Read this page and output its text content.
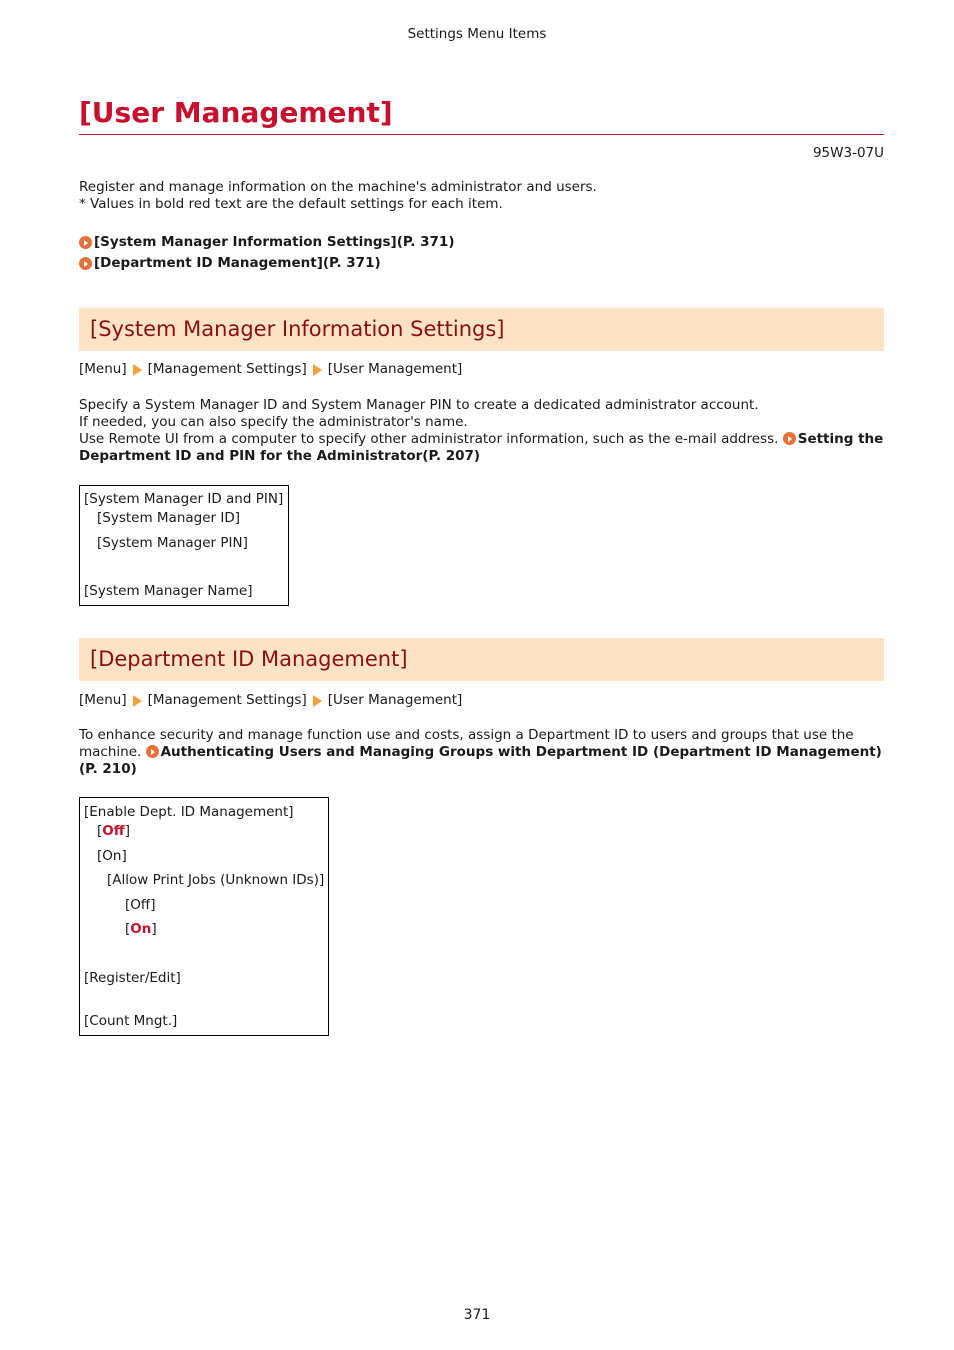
Settings Menu Items
[User Management]
95W3-07U

Register and manage information on the machine's administrator and users.

* Values in bold red text are the default settings for each item.

[System Manager Information Settings](P. 371)
[Department ID Management](P. 371)
[System Manager Information Settings]
[Menu] [Management Settings] [User Management]

Specify a System Manager ID and System Manager PIN to create a dedicated administrator account.

If needed, you can also specify the administrator's name.

Use Remote UI from a computer to specify other administrator information, such as the e-mail address. Setting the

Department ID and PIN for the Administrator(P. 207)

[System Manager ID and PIN]
[System Manager ID]
[System Manager PIN]
[System Manager Name]
[Department ID Management]
[Menu] [Management Settings] [User Management]

To enhance security and manage function use and costs, assign a Department ID to users and groups that use the

machine. Authenticating Users and Managing Groups with Department ID (Department ID Management)

(P. 210)

[Enable Dept. ID Management]
[Off]
[On]
[Allow Print Jobs (Unknown IDs)]
[Off]
[On]
[Register/Edit]
[Count Mngt.]
371
